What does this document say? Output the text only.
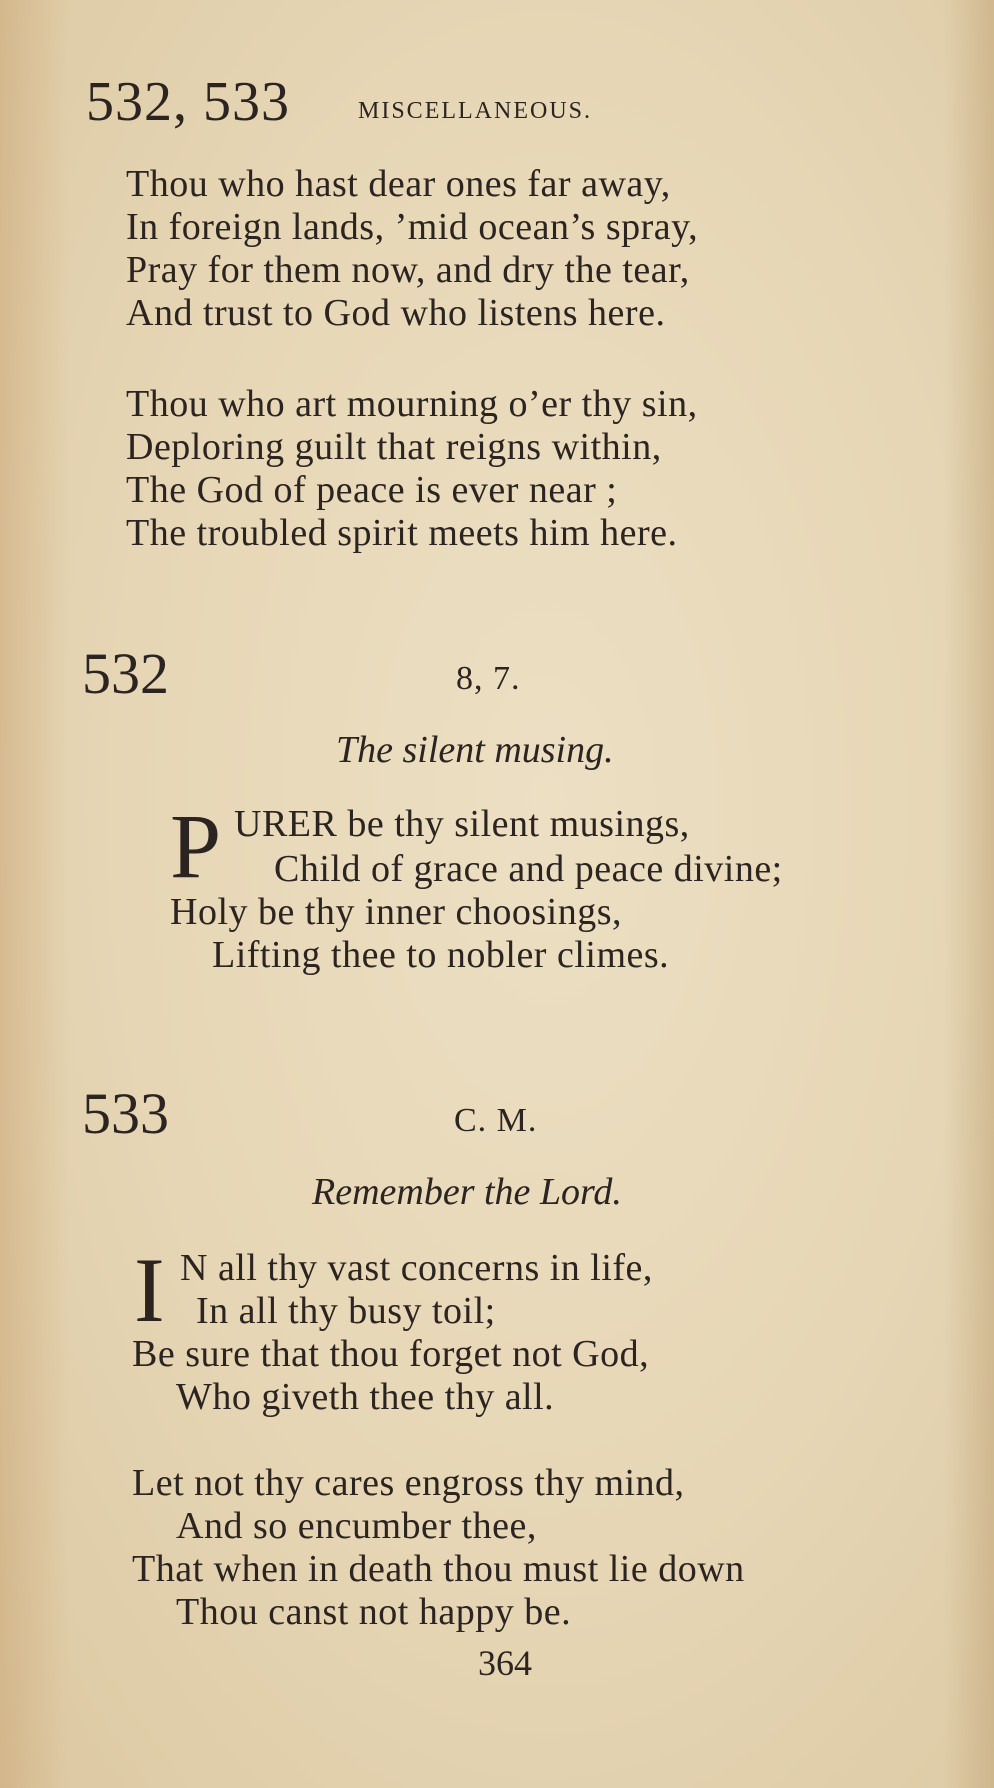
532, 533	MISCELLANEOUS.
Thou who hast dear ones far away,
In foreign lands, ’mid ocean’s spray,
Pray for them now, and dry the tear,
And trust to God who listens here.
Thou who art mourning o’er thy sin,
Deploring guilt that reigns within,
The God of peace is ever near ;
The troubled spirit meets him here.
532	8, 7.
The silent musing.
P URER be thy silent musings,
Child of grace and peace divine;
Holy be thy inner choosings,
Lifting thee to nobler climes.
533	C. M.
Remember the Lord.
I N all thy vast concerns in life,
In all thy busy toil;
Be sure that thou forget not God,
Who giveth thee thy all.
Let not thy cares engross thy mind,
And so encumber thee,
That when in death thou must lie down
Thou canst not happy be.
364
